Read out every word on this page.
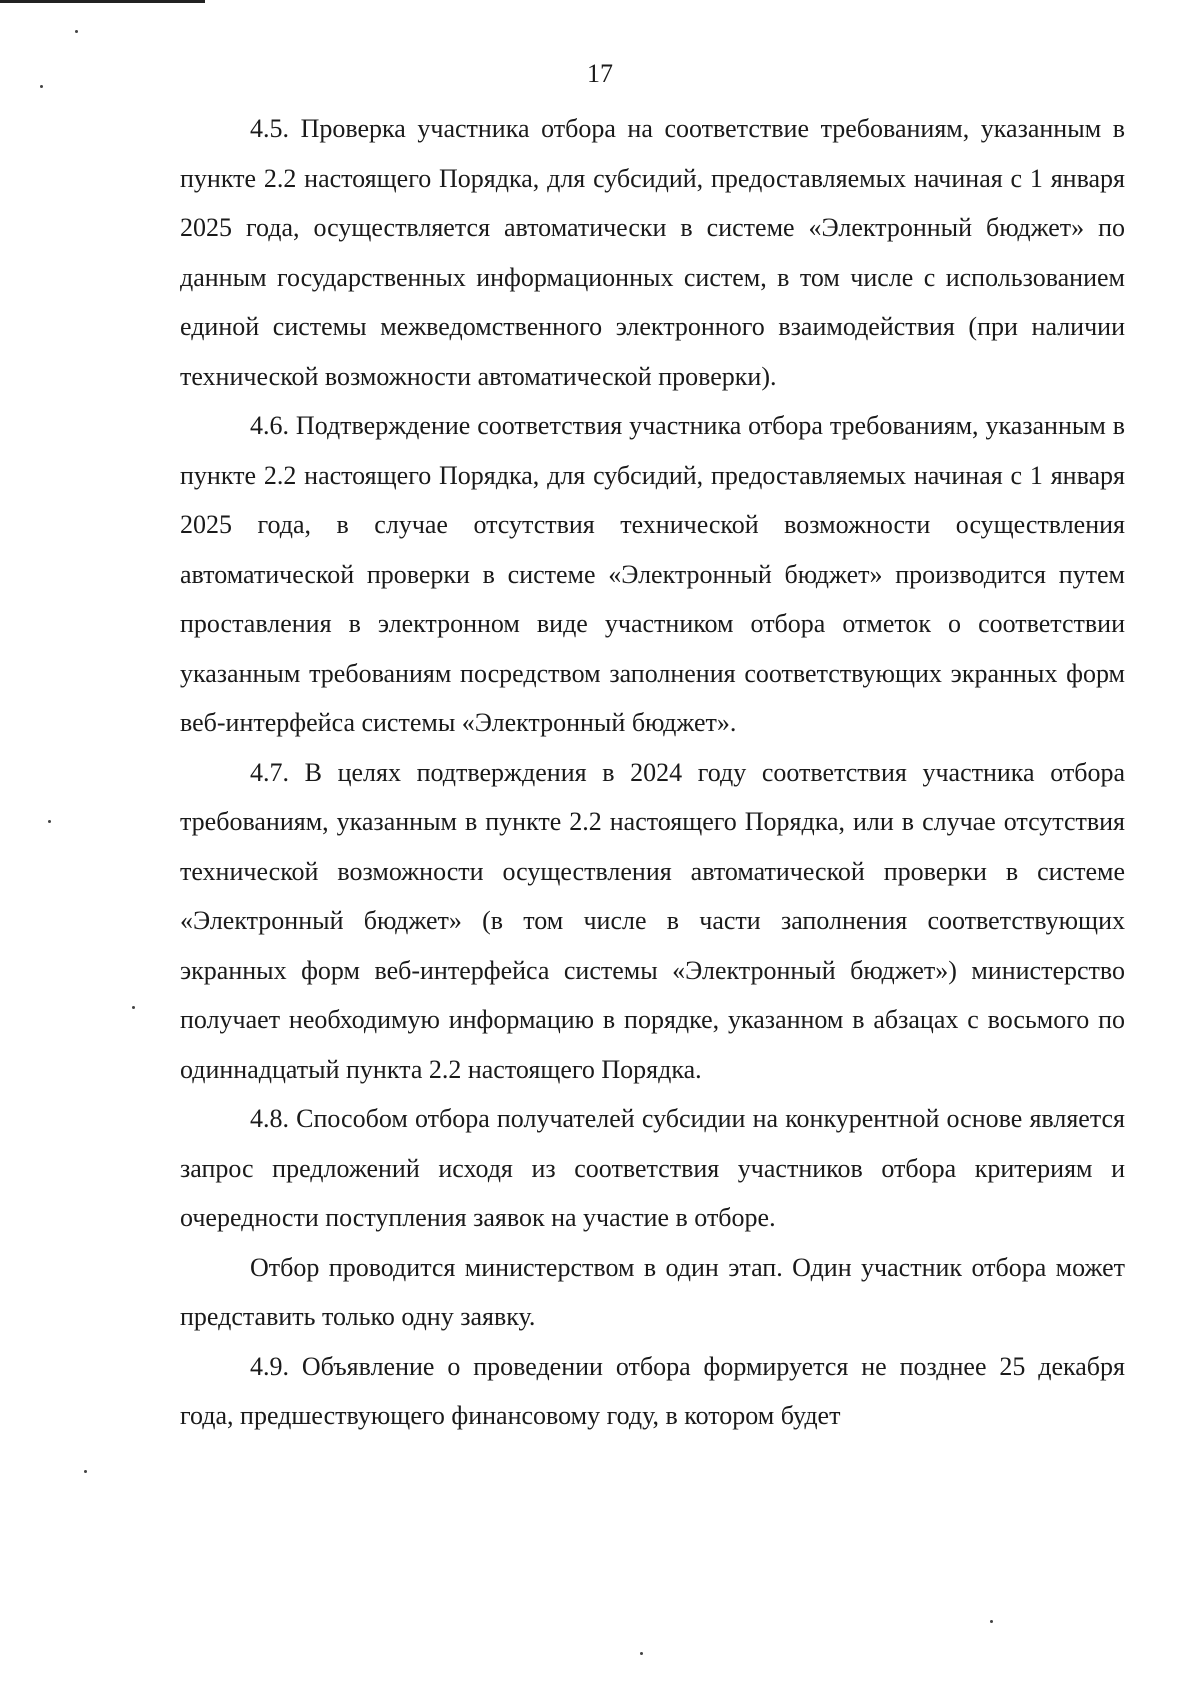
17

4.5. Проверка участника отбора на соответствие требованиям, указанным в пункте 2.2 настоящего Порядка, для субсидий, предоставляемых начиная с 1 января 2025 года, осуществляется автоматически в системе «Электронный бюджет» по данным государственных информационных систем, в том числе с использованием единой системы межведомственного электронного взаимодействия (при наличии технической возможности автоматической проверки).

4.6. Подтверждение соответствия участника отбора требованиям, указанным в пункте 2.2 настоящего Порядка, для субсидий, предоставляемых начиная с 1 января 2025 года, в случае отсутствия технической возможности осуществления автоматической проверки в системе «Электронный бюджет» производится путем проставления в электронном виде участником отбора отметок о соответствии указанным требованиям посредством заполнения соответствующих экранных форм веб-интерфейса системы «Электронный бюджет».

4.7. В целях подтверждения в 2024 году соответствия участника отбора требованиям, указанным в пункте 2.2 настоящего Порядка, или в случае отсутствия технической возможности осуществления автоматической проверки в системе «Электронный бюджет» (в том числе в части заполнения соответствующих экранных форм веб-интерфейса системы «Электронный бюджет») министерство получает необходимую информацию в порядке, указанном в абзацах с восьмого по одиннадцатый пункта 2.2 настоящего Порядка.

4.8. Способом отбора получателей субсидии на конкурентной основе является запрос предложений исходя из соответствия участников отбора критериям и очередности поступления заявок на участие в отборе.

Отбор проводится министерством в один этап. Один участник отбора может представить только одну заявку.

4.9. Объявление о проведении отбора формируется не позднее 25 декабря года, предшествующего финансовому году, в котором будет
